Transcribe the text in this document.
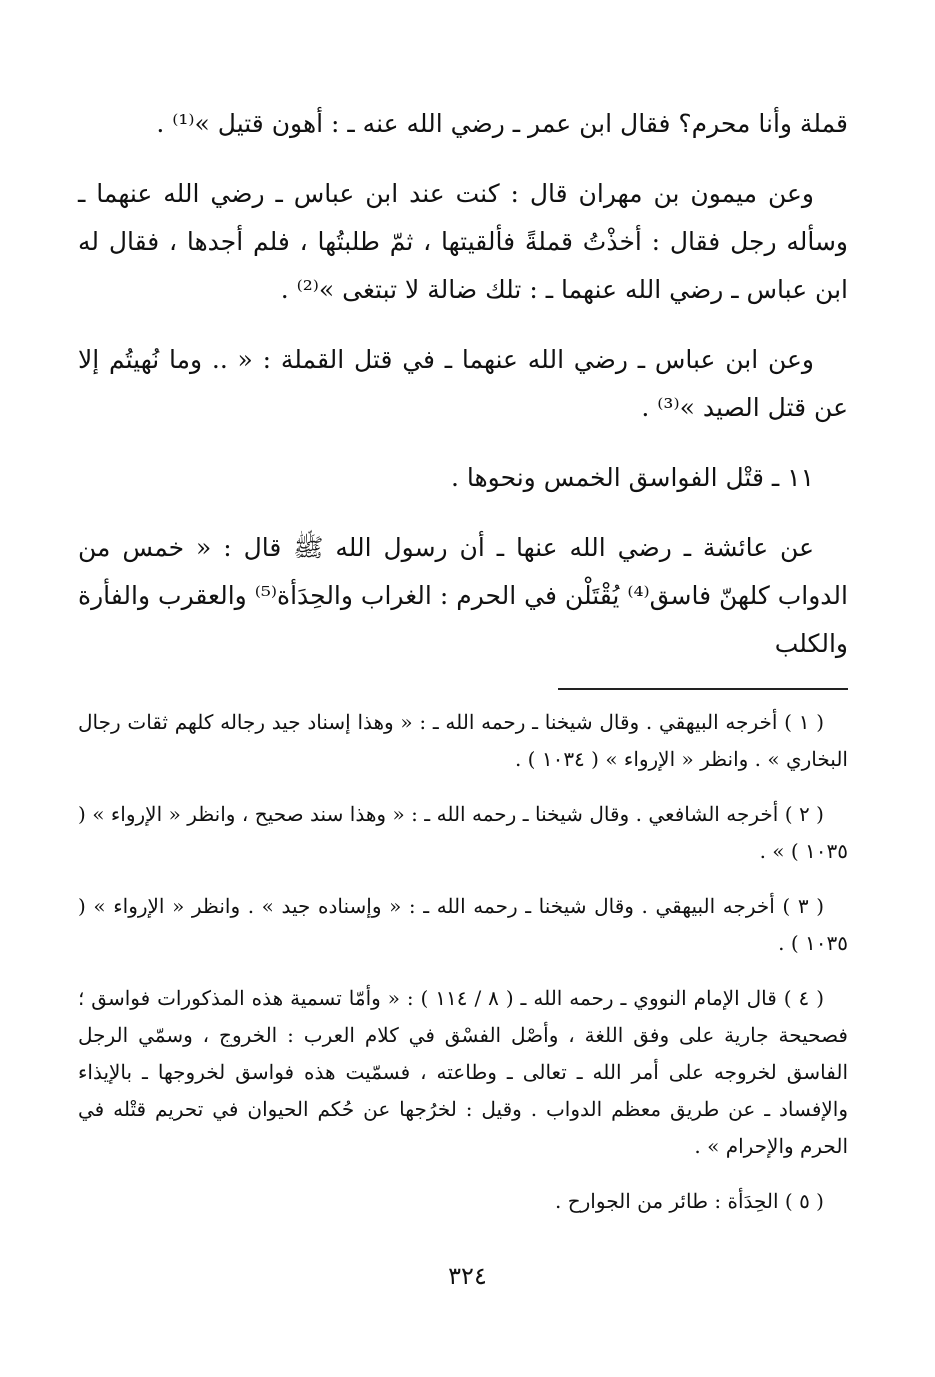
قملة وأنا محرم؟ فقال ابن عمر ـ رضي الله عنه ـ : أهون قتيل »⁽¹⁾ .

وعن ميمون بن مهران قال : كنت عند ابن عباس ـ رضي الله عنهما ـ وسأله رجل فقال : أخذْتُ قملةً فألقيتها ، ثمّ طلبتُها ، فلم أجدها ، فقال له ابن عباس ـ رضي الله عنهما ـ : تلك ضالة لا تبتغى »⁽²⁾ .

وعن ابن عباس ـ رضي الله عنهما ـ في قتل القملة : « .. وما نُهيتُم إلا عن قتل الصيد »⁽³⁾ .

١١ ـ قتْل الفواسق الخمس ونحوها .

عن عائشة ـ رضي الله عنها ـ أن رسول الله ﷺ قال : « خمس من الدواب كلهنّ فاسق⁽⁴⁾ يُقْتَلْن في الحرم : الغراب والحِدَأة⁽⁵⁾ والعقرب والفأرة والكلب

( ١ ) أخرجه البيهقي . وقال شيخنا ـ رحمه الله ـ : « وهذا إسناد جيد رجاله كلهم ثقات رجال البخاري » . وانظر « الإرواء » ( ١٠٣٤ ) .

( ٢ ) أخرجه الشافعي . وقال شيخنا ـ رحمه الله ـ : « وهذا سند صحيح ، وانظر « الإرواء » ( ١٠٣٥ ) » .

( ٣ ) أخرجه البيهقي . وقال شيخنا ـ رحمه الله ـ : « وإسناده جيد » . وانظر « الإرواء » ( ١٠٣٥ ) .

( ٤ ) قال الإمام النووي ـ رحمه الله ـ ( ٨ / ١١٤ ) : « وأمّا تسمية هذه المذكورات فواسق ؛ فصحيحة جارية على وفق اللغة ، وأصْل الفسْق في كلام العرب : الخروج ، وسمّي الرجل الفاسق لخروجه على أمر الله ـ تعالى ـ وطاعته ، فسمّيت هذه فواسق لخروجها ـ بالإيذاء والإفساد ـ عن طريق معظم الدواب . وقيل : لخرُجها عن حُكم الحيوان في تحريم قتْله في الحرم والإحرام » .

( ٥ ) الحِدَأة : طائر من الجوارح .

٣٢٤
